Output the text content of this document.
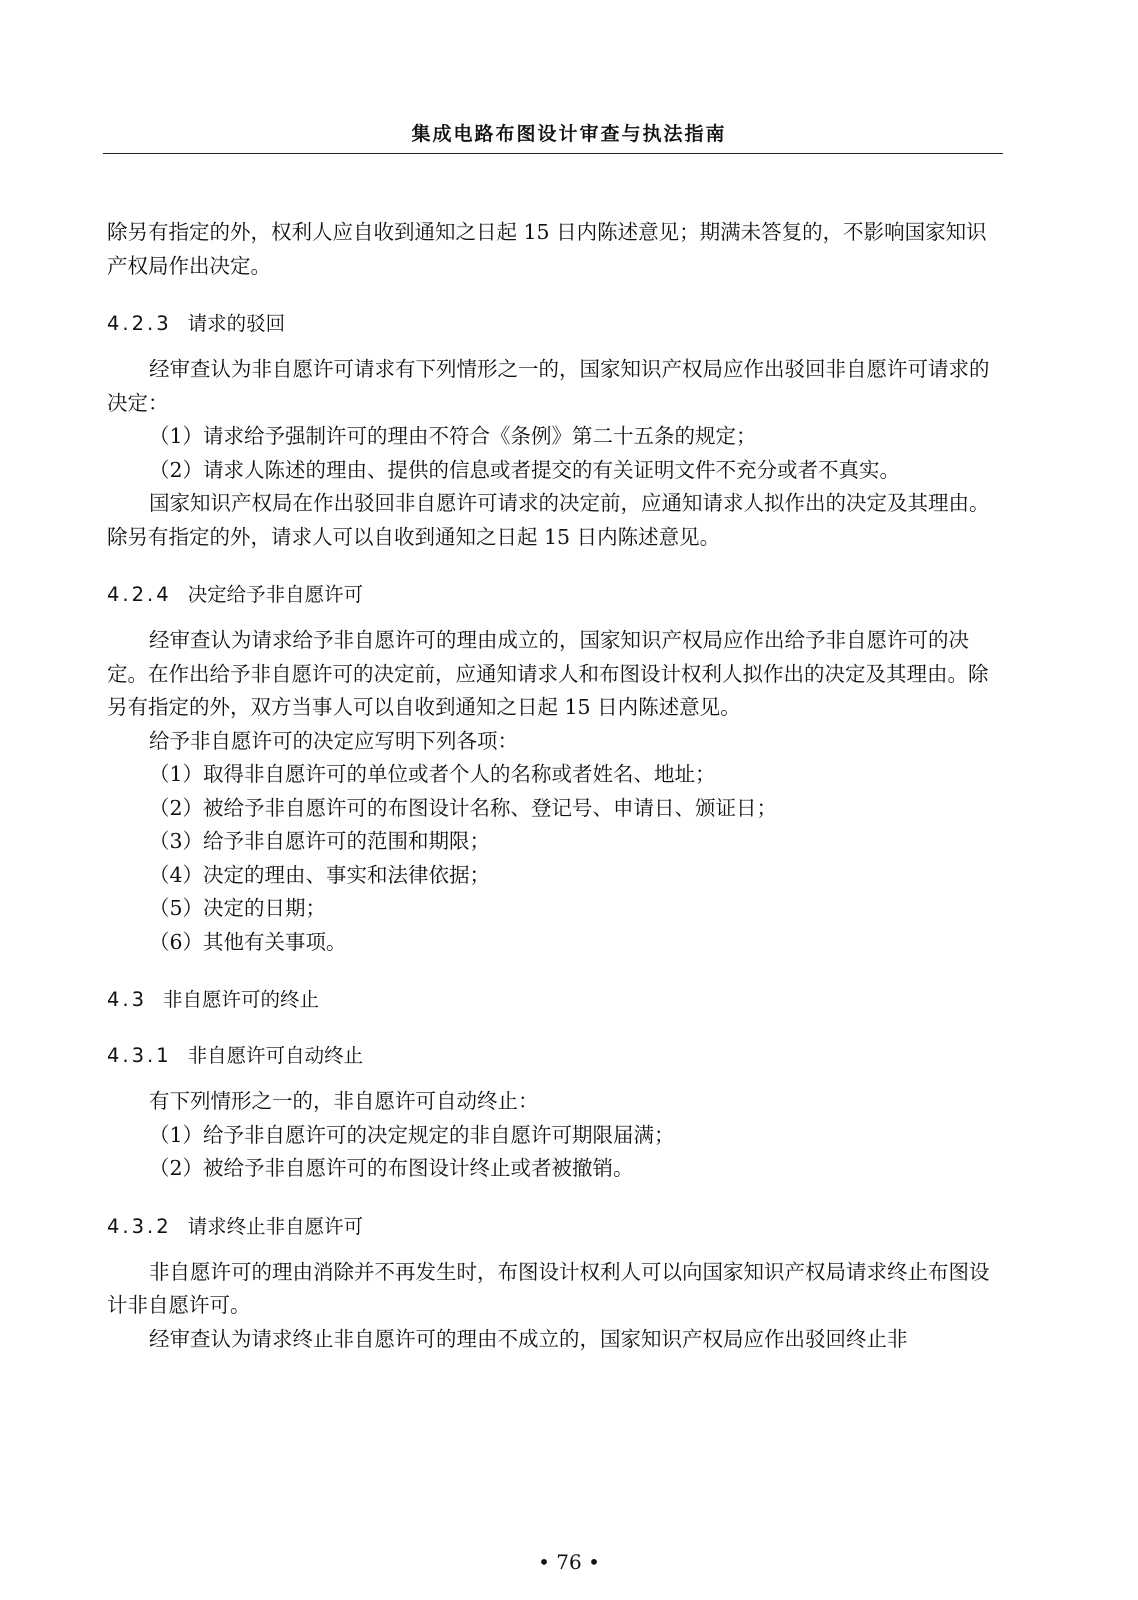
集成电路布图设计审查与执法指南

除另有指定的外，权利人应自收到通知之日起 15 日内陈述意见；期满未答复的，不影响国家知识产权局作出决定。

4.2.3 请求的驳回

经审查认为非自愿许可请求有下列情形之一的，国家知识产权局应作出驳回非自愿许可请求的决定：

（1）请求给予强制许可的理由不符合《条例》第二十五条的规定；

（2）请求人陈述的理由、提供的信息或者提交的有关证明文件不充分或者不真实。

国家知识产权局在作出驳回非自愿许可请求的决定前，应通知请求人拟作出的决定及其理由。除另有指定的外，请求人可以自收到通知之日起 15 日内陈述意见。

4.2.4 决定给予非自愿许可

经审查认为请求给予非自愿许可的理由成立的，国家知识产权局应作出给予非自愿许可的决定。在作出给予非自愿许可的决定前，应通知请求人和布图设计权利人拟作出的决定及其理由。除另有指定的外，双方当事人可以自收到通知之日起 15 日内陈述意见。

给予非自愿许可的决定应写明下列各项：

（1）取得非自愿许可的单位或者个人的名称或者姓名、地址；

（2）被给予非自愿许可的布图设计名称、登记号、申请日、颁证日；

（3）给予非自愿许可的范围和期限；

（4）决定的理由、事实和法律依据；

（5）决定的日期；

（6）其他有关事项。

4.3 非自愿许可的终止
4.3.1 非自愿许可自动终止

有下列情形之一的，非自愿许可自动终止：

（1）给予非自愿许可的决定规定的非自愿许可期限届满；

（2）被给予非自愿许可的布图设计终止或者被撤销。

4.3.2 请求终止非自愿许可

非自愿许可的理由消除并不再发生时，布图设计权利人可以向国家知识产权局请求终止布图设计非自愿许可。

经审查认为请求终止非自愿许可的理由不成立的，国家知识产权局应作出驳回终止非

• 76 •
